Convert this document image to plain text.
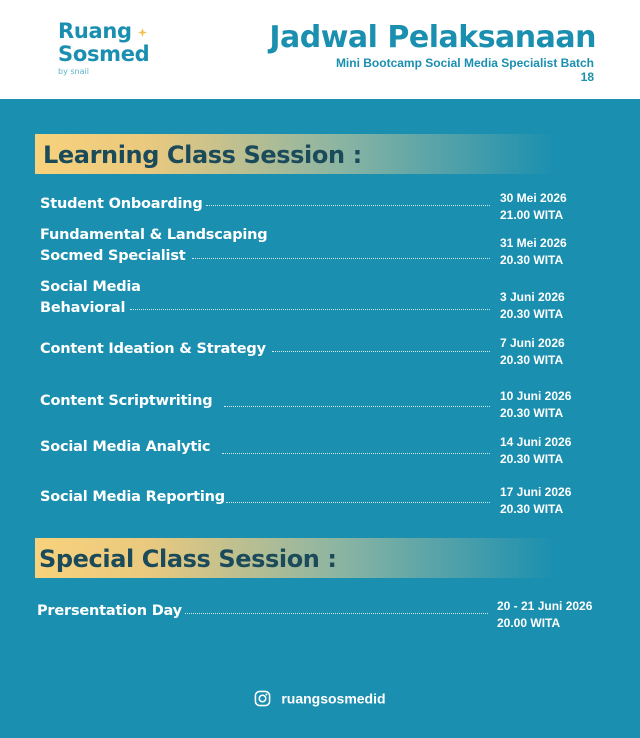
Ruang
Sosmed
by snail
Jadwal Pelaksanaan
Mini Bootcamp Social Media Specialist Batch 18
Learning Class Session :
Student Onboarding	30 Mei 2026
21.00 WITA
Fundamental & Landscaping
Socmed Specialist
31 Mei 2026
20.30 WITA
Social Media
Behavioral
3 Juni 2026
20.30 WITA
Content Ideation & Strategy	7 Juni 2026
20.30 WITA
Content Scriptwriting	10 Juni 2026
20.30 WITA
Social Media Analytic	14 Juni 2026
20.30 WITA
Social Media Reporting	17 Juni 2026
20.30 WITA
Special Class Session :
Prersentation Day	20 - 21 Juni 2026
20.00 WITA
ruangsosmedid
